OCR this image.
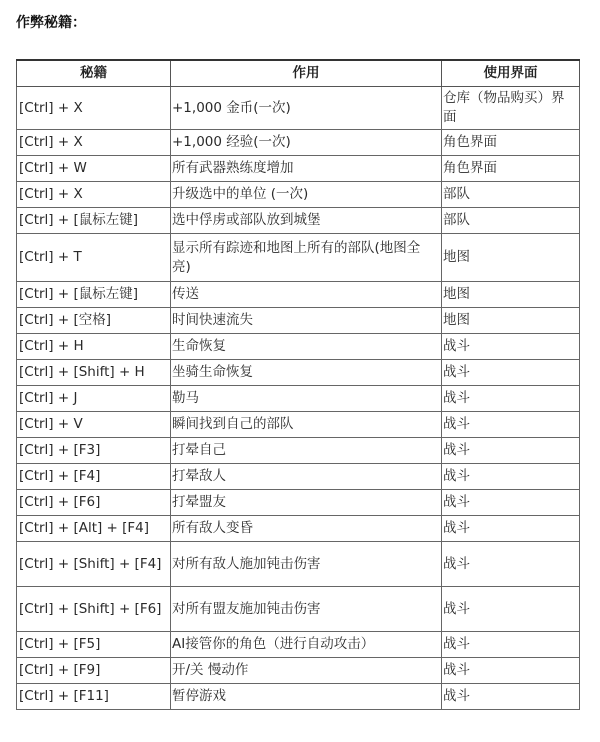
作弊秘籍：
秘籍	作用	使用界面
[Ctrl] + X	+1,000 金币(一次)	仓库（物品购买）界面
[Ctrl] + X	+1,000 经验(一次)	角色界面
[Ctrl] + W	所有武器熟练度增加	角色界面
[Ctrl] + X	升级选中的单位 (一次)	部队
[Ctrl] + [鼠标左键]	选中俘虏或部队放到城堡	部队
[Ctrl] + T	显示所有踪迹和地图上所有的部队(地图全亮)	地图
[Ctrl] + [鼠标左键]	传送	地图
[Ctrl] + [空格]	时间快速流失	地图
[Ctrl] + H	生命恢复	战斗
[Ctrl] + [Shift] + H	坐骑生命恢复	战斗
[Ctrl] + J	勒马	战斗
[Ctrl] + V	瞬间找到自己的部队	战斗
[Ctrl] + [F3]	打晕自己	战斗
[Ctrl] + [F4]	打晕敌人	战斗
[Ctrl] + [F6]	打晕盟友	战斗
[Ctrl] + [Alt] + [F4]	所有敌人变昏	战斗
[Ctrl] + [Shift] + [F4]	对所有敌人施加钝击伤害	战斗
[Ctrl] + [Shift] + [F6]	对所有盟友施加钝击伤害	战斗
[Ctrl] + [F5]	AI接管你的角色（进行自动攻击）	战斗
[Ctrl] + [F9]	开/关 慢动作	战斗
[Ctrl] + [F11]	暂停游戏	战斗
